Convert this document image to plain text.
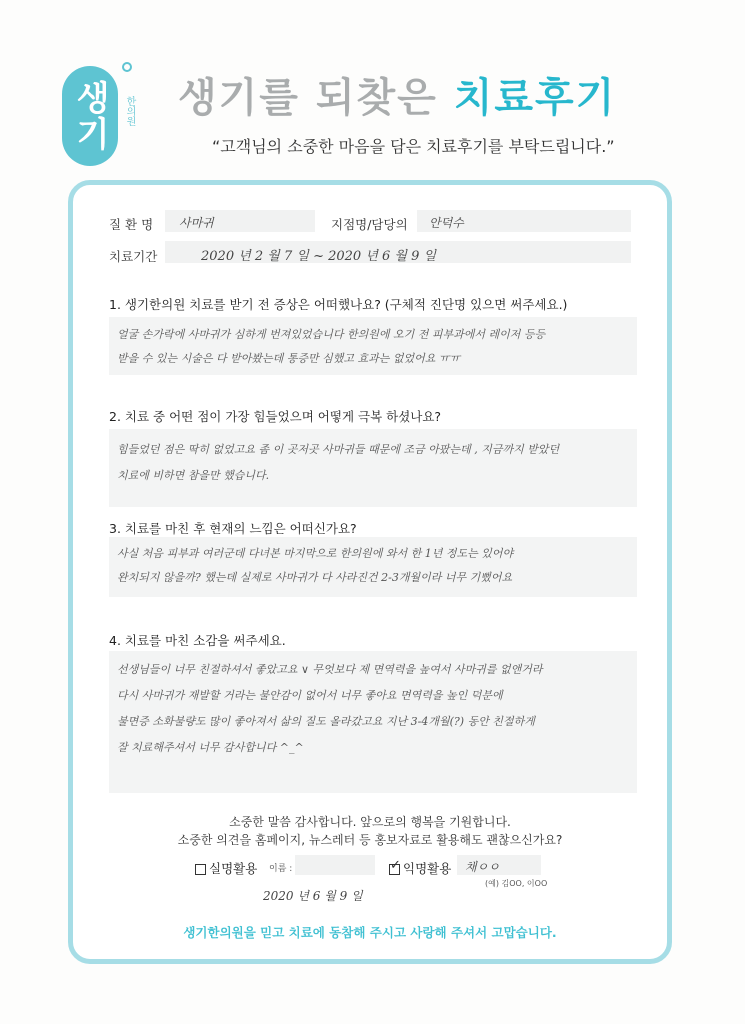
생기	한의원 생기를 되찾은 치료후기
“고객님의 소중한 마음을 담은 치료후기를 부탁드립니다.”
질 환 명 사마귀	지점명/담당의 안덕수
치료기간	2020 년 2 월 7 일 ~ 2020 년 6 월 9 일
1. 생기한의원 치료를 받기 전 증상은 어떠했나요? (구체적 진단명 있으면 써주세요.)
얼굴 손가락에 사마귀가 심하게 번져있었습니다 한의원에 오기 전 피부과에서 레이저 등등
받을 수 있는 시술은 다 받아봤는데 통증만 심했고 효과는 없었어요 ㅠㅠ
2. 치료 중 어떤 점이 가장 힘들었으며 어떻게 극복 하셨나요?
힘들었던 점은 딱히 없었고요 좀 이 곳저곳 사마귀들 때문에 조금 아팠는데 , 지금까지 받았던
치료에 비하면 참을만 했습니다.
3. 치료를 마친 후 현재의 느낌은 어떠신가요?
사실 처음 피부과 여러군데 다녀본 마지막으로 한의원에 와서 한 1년 정도는 있어야
완치되지 않을까? 했는데 실제로 사마귀가 다 사라진건 2-3개월이라 너무 기뻤어요
4. 치료를 마친 소감을 써주세요.
선생님들이 너무 친절하셔서 좋았고요 ∨ 무엇보다 제 면역력을 높여서 사마귀를 없앤거라
다시 사마귀가 재발할 거라는 불안감이 없어서 너무 좋아요 면역력을 높인 덕분에
불면증 소화불량도 많이 좋아져서 삶의 질도 올라갔고요 지난 3-4개월(?) 동안 친절하게
잘 치료해주셔서 너무 감사합니다 ^_^
소중한 말씀 감사합니다. 앞으로의 행복을 기원합니다.
소중한 의견을 홈페이지, 뉴스레터 등 홍보자료로 활용해도 괜찮으신가요?
실명활용 이름 :
✓	익명활용 채ㅇㅇ
(예) 김OO, 이OO
2020 년 6 월 9 일
생기한의원을 믿고 치료에 동참해 주시고 사랑해 주셔서 고맙습니다.
